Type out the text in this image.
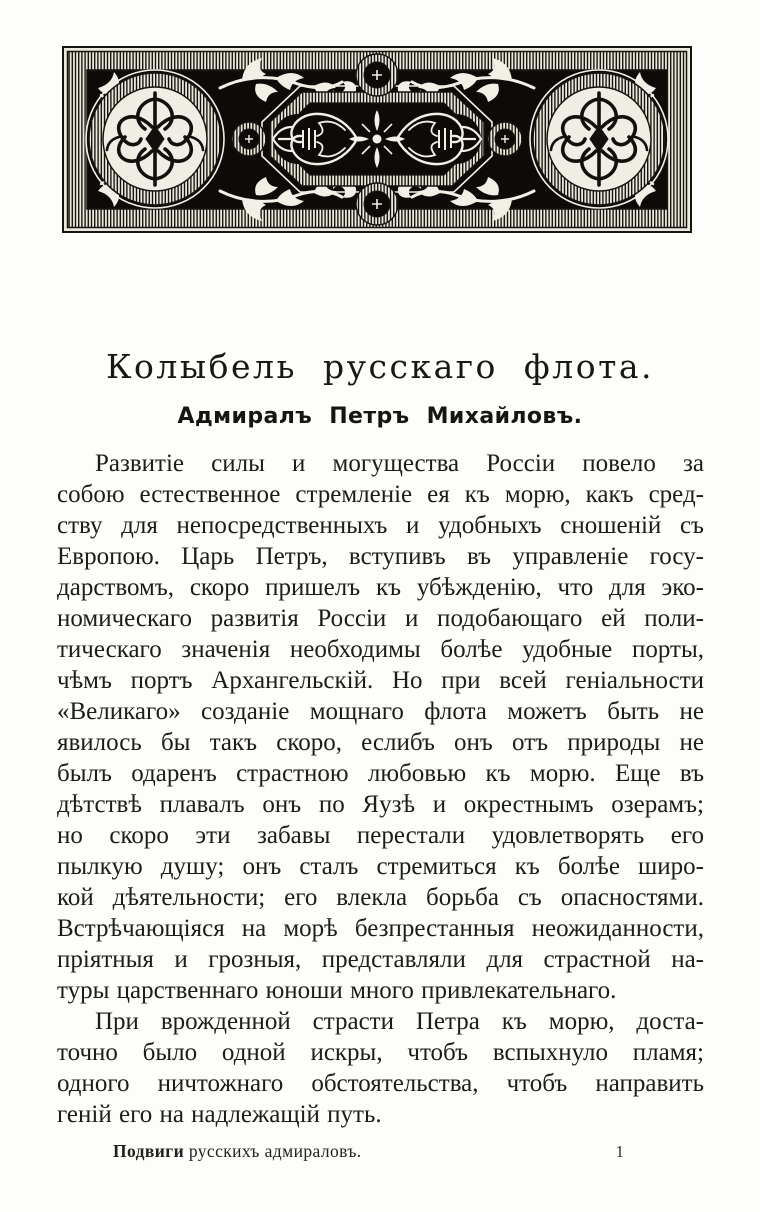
Колыбель русскаго флота.
Адмиралъ Петръ Михайловъ.
Развитіе силы и могущества Россіи повело за
собою естественное стремленіе ея къ морю, какъ сред-
ству для непосредственныхъ и удобныхъ сношеній съ
Европою. Царь Петръ, вступивъ въ управленіе госу-
дарствомъ, скоро пришелъ къ убѣжденію, что для эко-
номическаго развитія Россіи и подобающаго ей поли-
тическаго значенія необходимы болѣе удобные порты,
чѣмъ портъ Архангельскій. Но при всей геніальности
«Великаго» созданіе мощнаго флота можетъ быть не
явилось бы такъ скоро, еслибъ онъ отъ природы не
былъ одаренъ страстною любовью къ морю. Еще въ
дѣтствѣ плавалъ онъ по Яузѣ и окрестнымъ озерамъ;
но скоро эти забавы перестали удовлетворять его
пылкую душу; онъ сталъ стремиться къ болѣе широ-
кой дѣятельности; его влекла борьба съ опасностями.
Встрѣчающіяся на морѣ безпрестанныя неожиданности,
пріятныя и грозныя, представляли для страстной на-
туры царственнаго юноши много привлекательнаго.
При врожденной страсти Петра къ морю, доста-
точно было одной искры, чтобъ вспыхнуло пламя;
одного ничтожнаго обстоятельства, чтобъ направить
геній его на надлежащій путь.
Подвиги русскихъ адмираловъ.	1
